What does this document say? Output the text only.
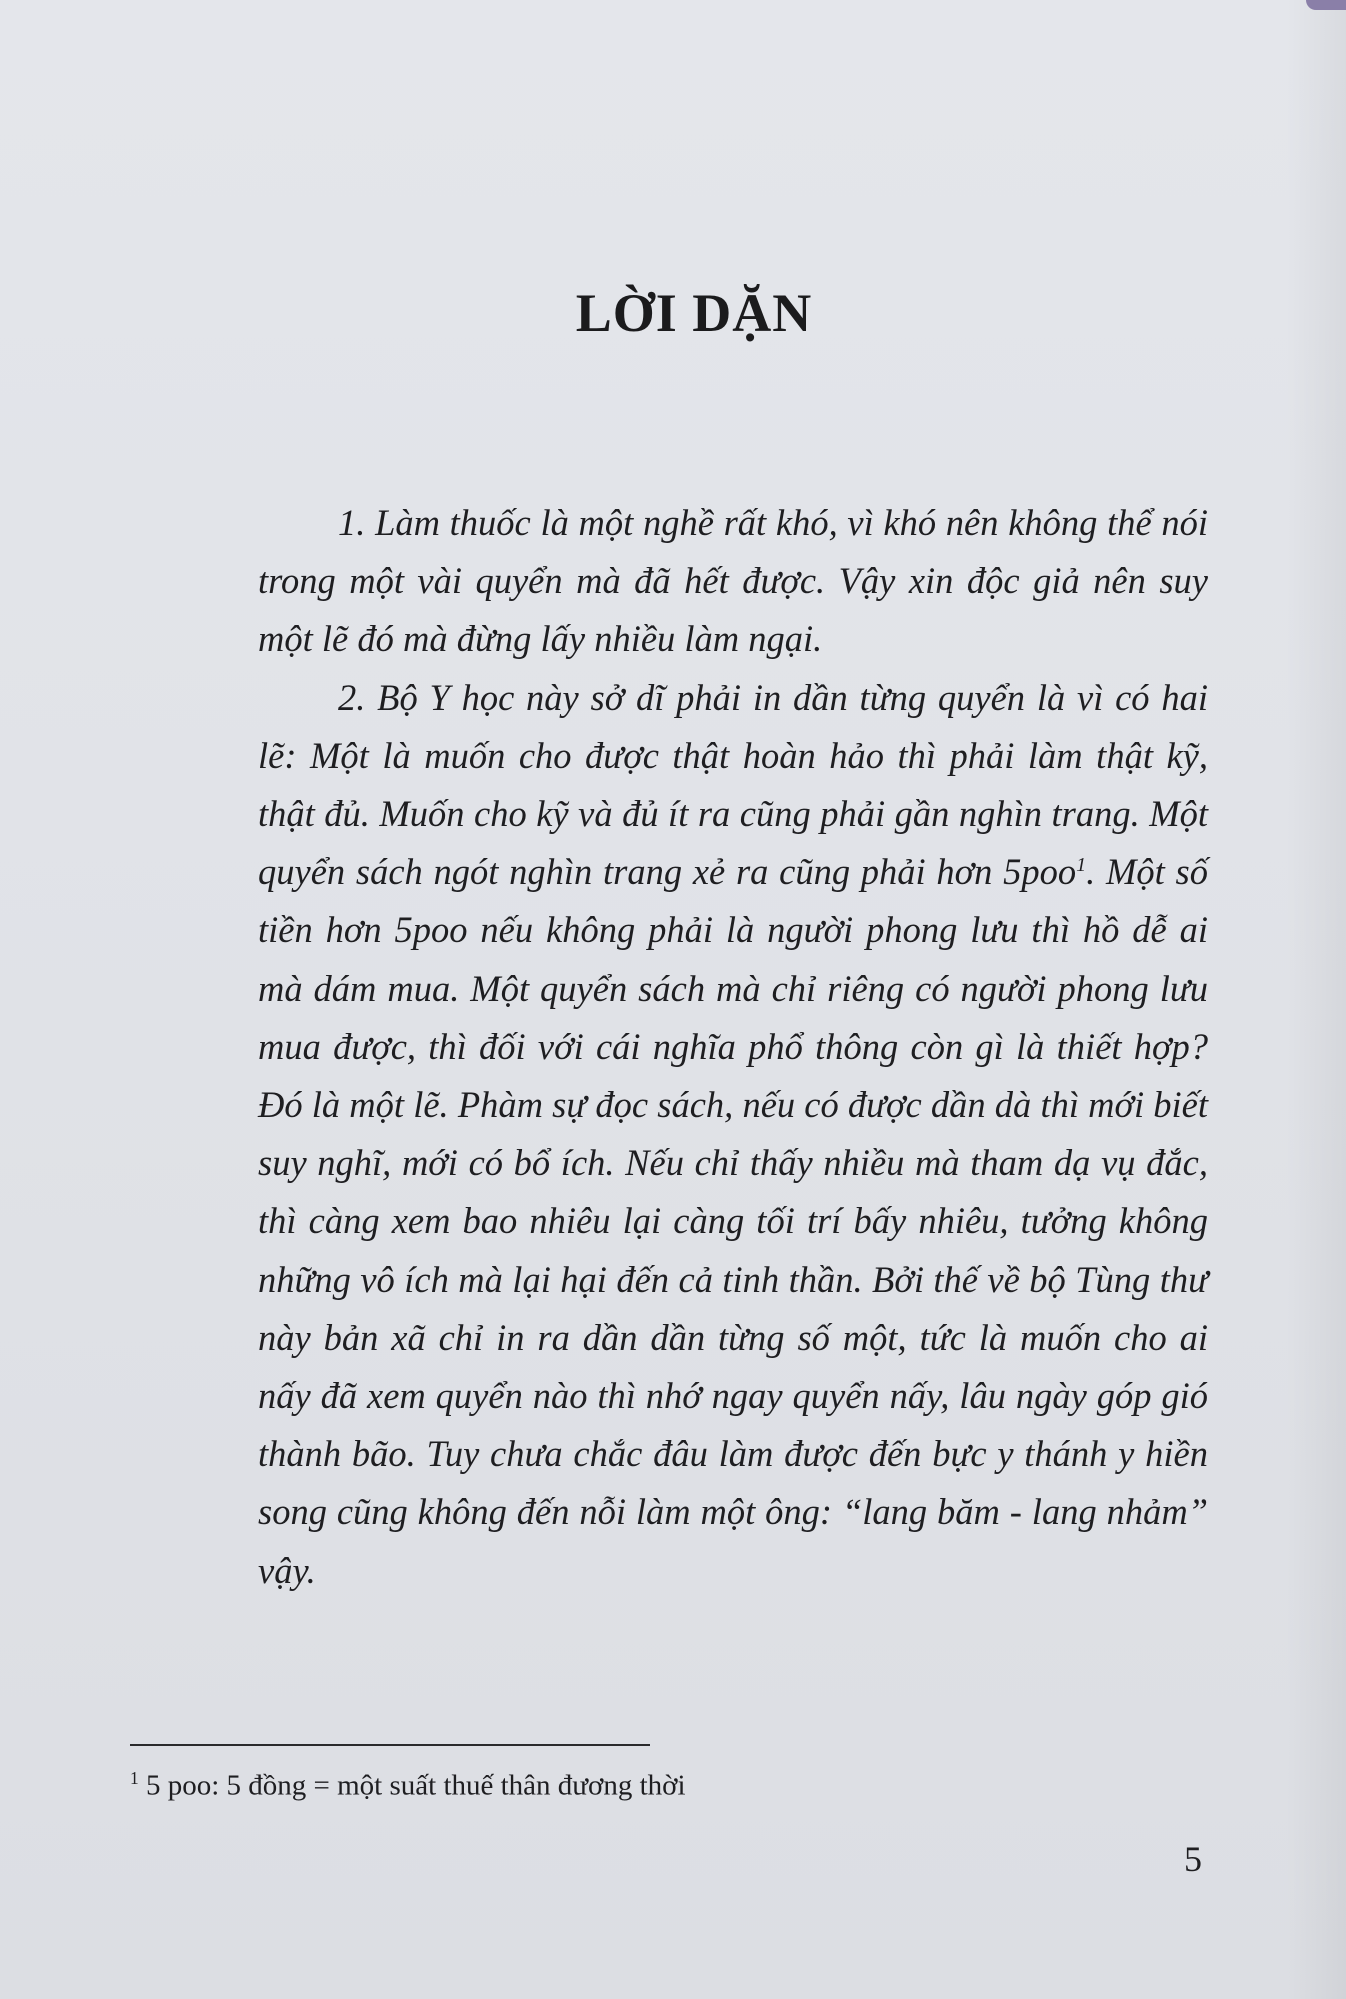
LỜI DẶN

1. Làm thuốc là một nghề rất khó, vì khó nên không thể nói trong một vài quyển mà đã hết được. Vậy xin độc giả nên suy một lẽ đó mà đừng lấy nhiều làm ngại.

2. Bộ Y học này sở dĩ phải in dần từng quyển là vì có hai lẽ: Một là muốn cho được thật hoàn hảo thì phải làm thật kỹ, thật đủ. Muốn cho kỹ và đủ ít ra cũng phải gần nghìn trang. Một quyển sách ngót nghìn trang xẻ ra cũng phải hơn 5poo$^1$. Một số tiền hơn 5poo nếu không phải là người phong lưu thì hồ dễ ai mà dám mua. Một quyển sách mà chỉ riêng có người phong lưu mua được, thì đối với cái nghĩa phổ thông còn gì là thiết hợp? Đó là một lẽ. Phàm sự đọc sách, nếu có được dần dà thì mới biết suy nghĩ, mới có bổ ích. Nếu chỉ thấy nhiều mà tham dạ vụ đắc, thì càng xem bao nhiêu lại càng tối trí bấy nhiêu, tưởng không những vô ích mà lại hại đến cả tinh thần. Bởi thế về bộ Tùng thư này bản xã chỉ in ra dần dần từng số một, tức là muốn cho ai nấy đã xem quyển nào thì nhớ ngay quyển nấy, lâu ngày góp gió thành bão. Tuy chưa chắc đâu làm được đến bực y thánh y hiền song cũng không đến nỗi làm một ông: “lang băm - lang nhảm” vậy.

$^1$ 5 poo: 5 đồng = một suất thuế thân đương thời
5
